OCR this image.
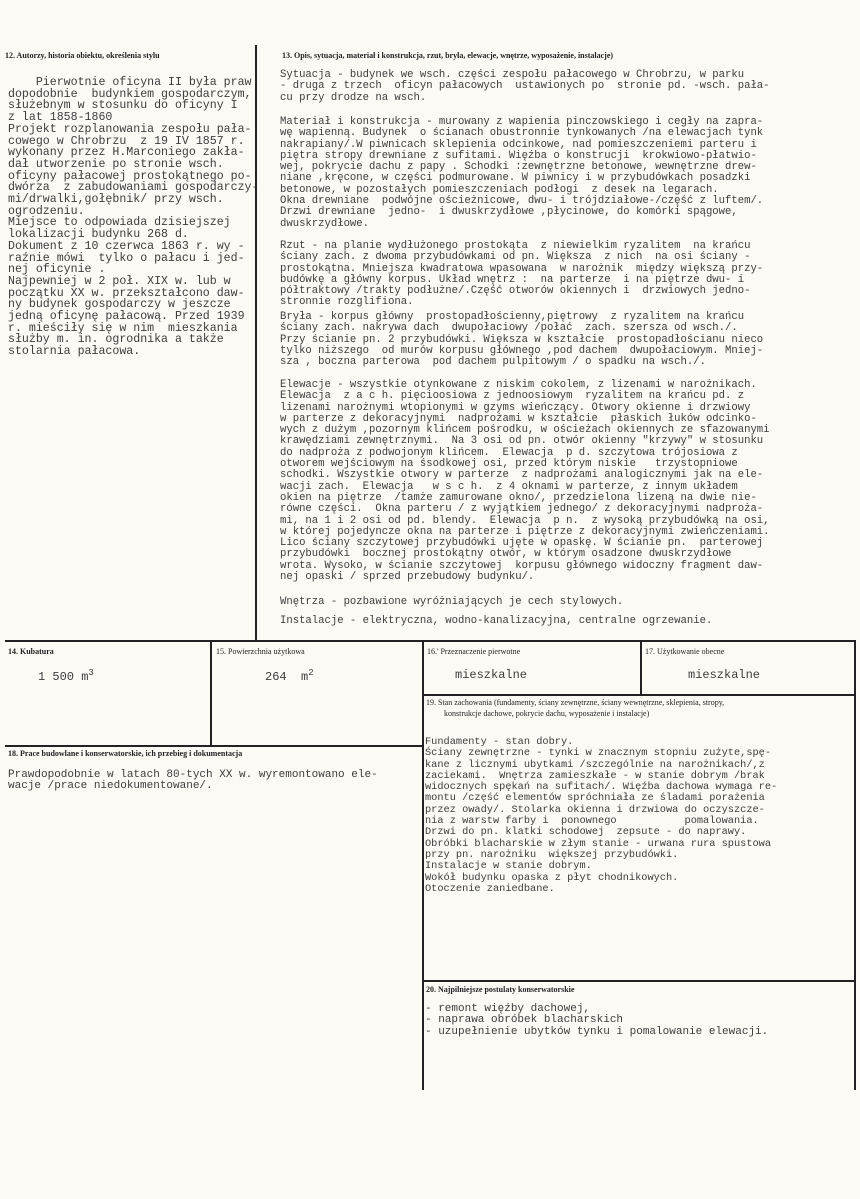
12. Autorzy, historia obiektu, określenia stylu
Pierwotnie oficyna II była praw
dopodobnie  budynkiem gospodarczym,
służebnym w stosunku do oficyny I
z lat 1858-1860
Projekt rozplanowania zespołu pała-
cowego w Chrobrzu  z 19 IV 1857 r.
wykonany przez H.Marconiego zakła-
dał utworzenie po stronie wsch.
oficyny pałacowej prostokątnego po-
dwórza  z zabudowaniami gospodarczy-
mi/drwalki,gołębnik/ przy wsch.
ogrodzeniu.
Miejsce to odpowiada dzisiejszej
lokalizacji budynku 268 d.
Dokument z 10 czerwca 1863 r. wy -
raźnie mówi  tylko o pałacu i jed-
nej oficynie .
Najpewniej w 2 poł. XIX w. lub w
początku XX w. przekształcono daw-
ny budynek gospodarczy w jeszcze
jedną oficynę pałacową. Przed 1939
r. mieściły się w nim  mieszkania
służby m. in. ogrodnika a także
stolarnia pałacowa.
13. Opis, sytuacja, materiał i konstrukcja, rzut, bryła, elewacje, wnętrze, wyposażenie, instalacje)
Sytuacja - budynek we wsch. części zespołu pałacowego w Chrobrzu, w parku
- druga z trzech  oficyn pałacowych  ustawionych po  stronie pd. -wsch. pała-
cu przy drodze na wsch.
Materiał i konstrukcja - murowany z wapienia pinczowskiego i cegły na zapra-
wę wapienną. Budynek  o ścianach obustronnie tynkowanych /na elewacjach tynk
nakrapiany/.W piwnicach sklepienia odcinkowe, nad pomieszczeniemi parteru i
piętra stropy drewniane z sufitami. Więźba o konstrucji  krokwiowo-płatwio-
wej, pokrycie dachu z papy . Schodki :zewnętrzne betonowe, wewnętrzne drew-
niane ,kręcone, w części podmurowane. W piwnicy i w przybudówkach posadzki
betonowe, w pozostałych pomieszczeniach podłogi  z desek na legarach.
Okna drewniane  podwójne ościeżnicowe, dwu- i trójdziałowe-/część z luftem/.
Drzwi drewniane  jedno-  i dwuskrzydłowe ,płycinowe, do komórki spągowe,
dwuskrzydłowe.
Rzut - na planie wydłużonego prostokąta  z niewielkim ryzalitem  na krańcu
ściany zach. z dwoma przybudówkami od pn. Większa  z nich  na osi ściany -
prostokątna. Mniejsza kwadratowa wpasowana  w narożnik  między większą przy-
budówkę a główny korpus. Układ wnętrz :  na parterze  i na piętrze dwu- i
półtraktowy /trakty podłużne/.Część otworów okiennych i  drzwiowych jedno-
stronnie rozglifiona.
Bryła - korpus główny  prostopadłościenny,piętrowy  z ryzalitem na krańcu
ściany zach. nakrywa dach  dwupołaciowy /połać  zach. szersza od wsch./.
Przy ścianie pn. 2 przybudówki. Większa w kształcie  prostopadłościanu nieco
tylko niższego  od murów korpusu głównego ,pod dachem  dwupołaciowym. Mniej-
sza , boczna parterowa  pod dachem pulpitowym / o spadku na wsch./.
Elewacje - wszystkie otynkowane z niskim cokolem, z lizenami w narożnikach.
Elewacja  z a c h. pięcioosiowa z jednoosiowym  ryzalitem na krańcu pd. z
lizenami narożnymi wtopionymi w gzyms wieńczący. Otwory okienne i drzwiowy
w parterze z dekoracyjnymi  nadprożami w kształcie  płaskich łuków odcinko-
wych z dużym ,pozornym klińcem pośrodku, w ościeżach okiennych ze sfazowanymi
krawędziami zewnętrznymi.  Na 3 osi od pn. otwór okienny "krzywy" w stosunku
do nadproża z podwojonym klińcem.  Elewacja  p d. szczytowa trójosiowa z
otworem wejściowym na śsodkowej osi, przed którym niskie   trzystopniowe
schodki. Wszystkie otwory w parterze  z nadprożami analogicznymi jak na ele-
wacji zach.  Elewacja   w s c h.  z 4 oknami w parterze, z innym układem
okien na piętrze  /tamże zamurowane okno/, przedzielona lizeną na dwie nie-
równe części.  Okna parteru / z wyjątkiem jednego/ z dekoracyjnymi nadproża-
mi, na 1 i 2 osi od pd. blendy.  Elewacja  p n.  z wysoką przybudówką na osi,
w której pojedyncze okna na parterze i piętrze z dekoracyjnymi zwieńczeniami.
Lico ściany szczytowej przybudówki ujęte w opaskę. W ścianie pn.  parterowej
przybudówki  bocznej prostokątny otwór, w którym osadzone dwuskrzydłowe
wrota. Wysoko, w ścianie szczytowej  korpusu głównego widoczny fragment daw-
nej opaski / sprzed przebudowy budynku/.
Wnętrza - pozbawione wyróżniających je cech stylowych.
Instalacje - elektryczna, wodno-kanalizacyjna, centralne ogrzewanie.
14. Kubatura
1 500 $m^3$
15. Powierzchnia użytkowa
264  $m^2$
16.' Przeznaczenie pierwotne
mieszkalne
17. Użytkowanie obecne
mieszkalne
18. Prace budowlane i konserwatorskie, ich przebieg i dokumentacja
Prawdopodobnie w latach 80-tych XX w. wyremontowano ele-
wacje /prace niedokumentowane/.
19. Stan zachowania (fundamenty, ściany zewnętrzne, ściany wewnętrzne, sklepienia, stropy,
konstrukcje dachowe, pokrycie dachu, wyposażenie i instalacje)
Fundamenty - stan dobry.
Ściany zewnętrzne - tynki w znacznym stopniu zużyte,spę-
kane z licznymi ubytkami /szczególnie na narożnikach/,z
zaciekami.  Wnętrza zamieszkałe - w stanie dobrym /brak
widocznych spękań na sufitach/. Więźba dachowa wymaga re-
montu /część elementów spróchniała ze śladami porażenia
przez owady/. Stolarka okienna i drzwiowa do oczyszcze-
nia z warstw farby i  ponownego           pomalowania.
Drzwi do pn. klatki schodowej  zepsute - do naprawy.
Obróbki blacharskie w złym stanie - urwana rura spustowa
przy pn. narożniku  większej przybudówki.
Instalacje w stanie dobrym.
Wokół budynku opaska z płyt chodnikowych.
Otoczenie zaniedbane.
20. Najpilniejsze postulaty konserwatorskie
- remont więźby dachowej,
- naprawa obróbek blacharskich
- uzupełnienie ubytków tynku i pomalowanie elewacji.
